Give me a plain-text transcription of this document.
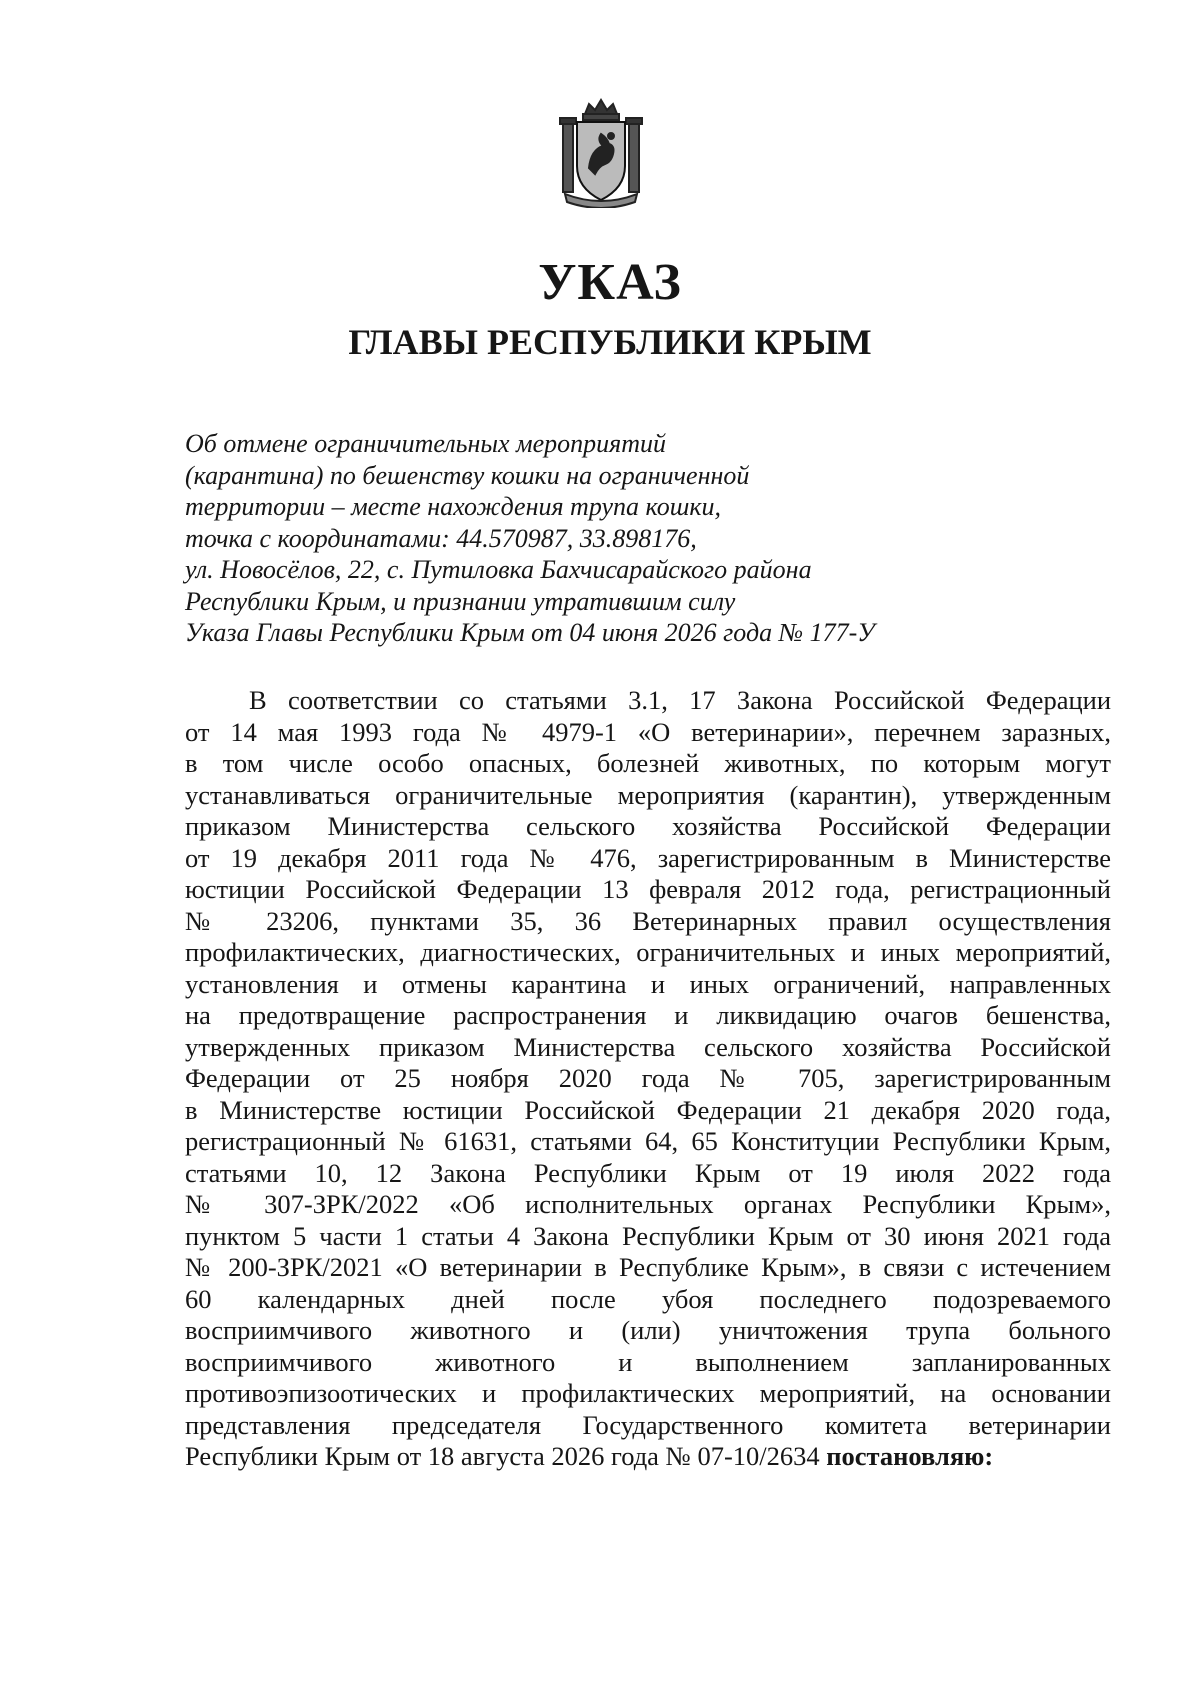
УКАЗ
ГЛАВЫ РЕСПУБЛИКИ КРЫМ
Об отмене ограничительных мероприятий
(карантина) по бешенству кошки на ограниченной
территории – месте нахождения трупа кошки,
точка с координатами: 44.570987, 33.898176,
ул. Новосёлов, 22, с. Путиловка Бахчисарайского района
Республики Крым, и признании утратившим силу
Указа Главы Республики Крым от 04 июня 2026 года № 177-У
В соответствии со статьями 3.1, 17 Закона Российской Федерации
от 14 мая 1993 года № 4979-1 «О ветеринарии», перечнем заразных,
в том числе особо опасных, болезней животных, по которым могут
устанавливаться ограничительные мероприятия (карантин), утвержденным
приказом Министерства сельского хозяйства Российской Федерации
от 19 декабря 2011 года № 476, зарегистрированным в Министерстве
юстиции Российской Федерации 13 февраля 2012 года, регистрационный
№ 23206, пунктами 35, 36 Ветеринарных правил осуществления
профилактических, диагностических, ограничительных и иных мероприятий,
установления и отмены карантина и иных ограничений, направленных
на предотвращение распространения и ликвидацию очагов бешенства,
утвержденных приказом Министерства сельского хозяйства Российской
Федерации от 25 ноября 2020 года № 705, зарегистрированным
в Министерстве юстиции Российской Федерации 21 декабря 2020 года,
регистрационный № 61631, статьями 64, 65 Конституции Республики Крым,
статьями 10, 12 Закона Республики Крым от 19 июля 2022 года
№ 307-ЗРК/2022 «Об исполнительных органах Республики Крым»,
пунктом 5 части 1 статьи 4 Закона Республики Крым от 30 июня 2021 года
№ 200-ЗРК/2021 «О ветеринарии в Республике Крым», в связи с истечением
60 календарных дней после убоя последнего подозреваемого
восприимчивого животного и (или) уничтожения трупа больного
восприимчивого животного и выполнением запланированных
противоэпизоотических и профилактических мероприятий, на основании
представления председателя Государственного комитета ветеринарии
Республики Крым от 18 августа 2026 года № 07-10/2634 постановляю:
